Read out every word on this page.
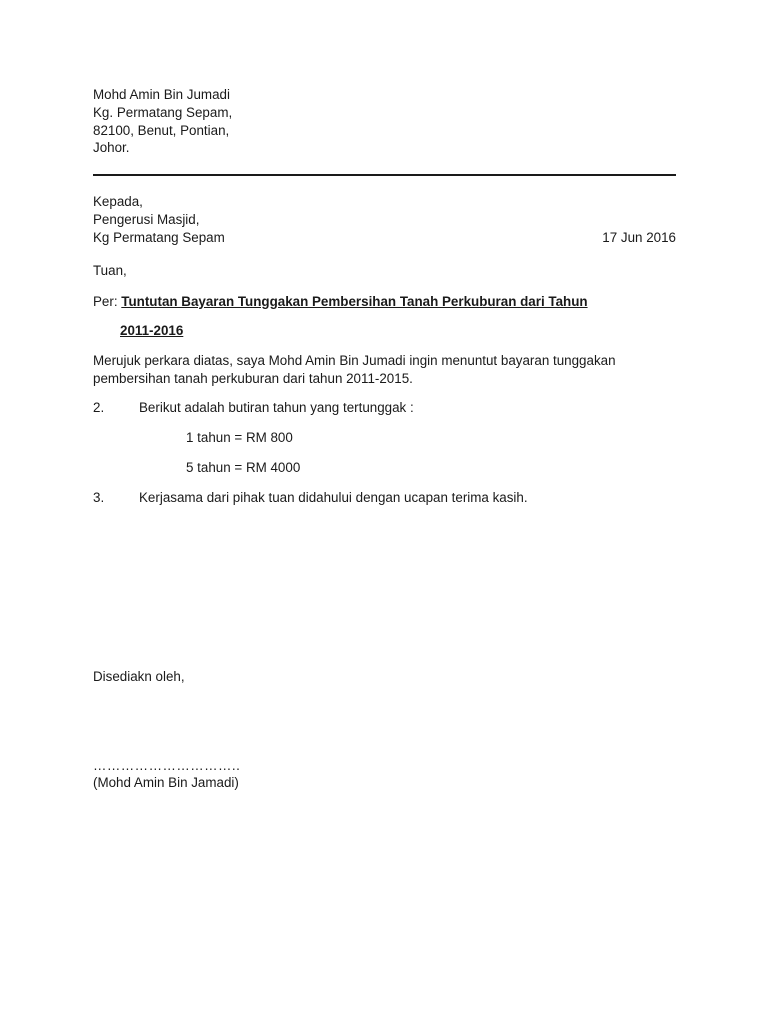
Mohd Amin Bin Jumadi
Kg. Permatang Sepam,
82100, Benut, Pontian,
Johor.
Kepada,
Pengerusi Masjid,
Kg Permatang Sepam	17 Jun 2016
Tuan,
Per: Tuntutan Bayaran Tunggakan Pembersihan Tanah Perkuburan dari Tahun
2011-2016
Merujuk perkara diatas, saya Mohd Amin Bin Jumadi ingin menuntut bayaran tunggakan
pembersihan tanah perkuburan dari tahun 2011-2015.
2.	Berikut adalah butiran tahun yang tertunggak :
1 tahun = RM 800
5 tahun = RM 4000
3.	Kerjasama dari pihak tuan didahului dengan ucapan terima kasih.
Disediakn oleh,
…………………………..
(Mohd Amin Bin Jamadi)
